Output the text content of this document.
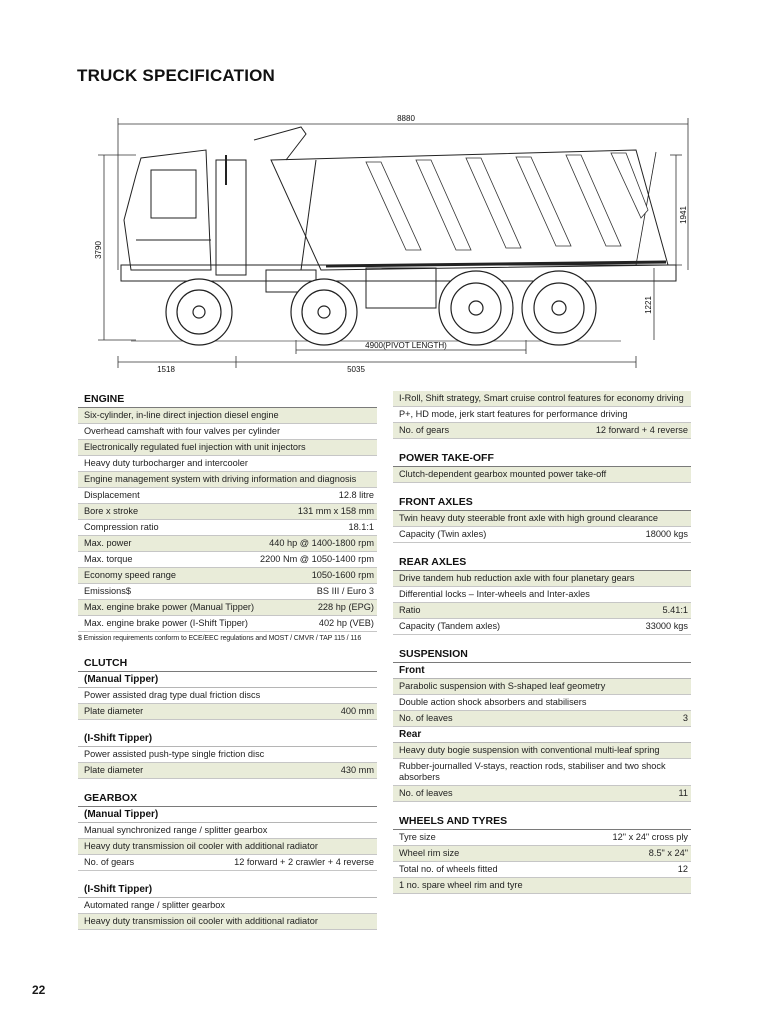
TRUCK SPECIFICATION
8880
3790
1941
1221
4900(PIVOT LENGTH)
1518	5035
ENGINE
Six-cylinder, in-line direct injection diesel engine
Overhead camshaft with four valves per cylinder
Electronically regulated fuel injection with unit injectors
Heavy duty turbocharger and intercooler
Engine management system with driving information and diagnosis
Displacement	12.8 litre
Bore x stroke	131 mm x 158 mm
Compression ratio	18.1:1
Max. power	440 hp @ 1400-1800 rpm
Max. torque	2200 Nm @ 1050-1400 rpm
Economy speed range	1050-1600 rpm
Emissions$	BS III / Euro 3
Max. engine brake power (Manual Tipper)	228 hp (EPG)
Max. engine brake power (I-Shift Tipper)	402 hp (VEB)
$ Emission requirements conform to ECE/EEC regulations and MOST / CMVR / TAP 115 / 116
CLUTCH
(Manual Tipper)
Power assisted drag type dual friction discs
Plate diameter	400 mm
(I-Shift Tipper)
Power assisted push-type single friction disc
Plate diameter	430 mm
GEARBOX
(Manual Tipper)
Manual synchronized range / splitter gearbox
Heavy duty transmission oil cooler with additional radiator
No. of gears	12 forward + 2 crawler + 4 reverse
(I-Shift Tipper)
Automated range / splitter gearbox
Heavy duty transmission oil cooler with additional radiator
I-Roll, Shift strategy, Smart cruise control features for economy driving
P+, HD mode, jerk start features for performance driving
No. of gears	12 forward + 4 reverse
POWER TAKE-OFF
Clutch-dependent gearbox mounted power take-off
FRONT AXLES
Twin heavy duty steerable front axle with high ground clearance
Capacity (Twin axles)	18000 kgs
REAR AXLES
Drive tandem hub reduction axle with four planetary gears
Differential locks – Inter-wheels and Inter-axles
Ratio	5.41:1
Capacity (Tandem axles)	33000 kgs
SUSPENSION
Front
Parabolic suspension with S-shaped leaf geometry
Double action shock absorbers and stabilisers
No. of leaves	3
Rear
Heavy duty bogie suspension with conventional multi-leaf spring
Rubber-journalled V-stays, reaction rods, stabiliser and two shock absorbers
No. of leaves	11
WHEELS AND TYRES
Tyre size	12" x 24" cross ply
Wheel rim size	8.5" x 24"
Total no. of wheels fitted	12
1 no. spare wheel rim and tyre
22
